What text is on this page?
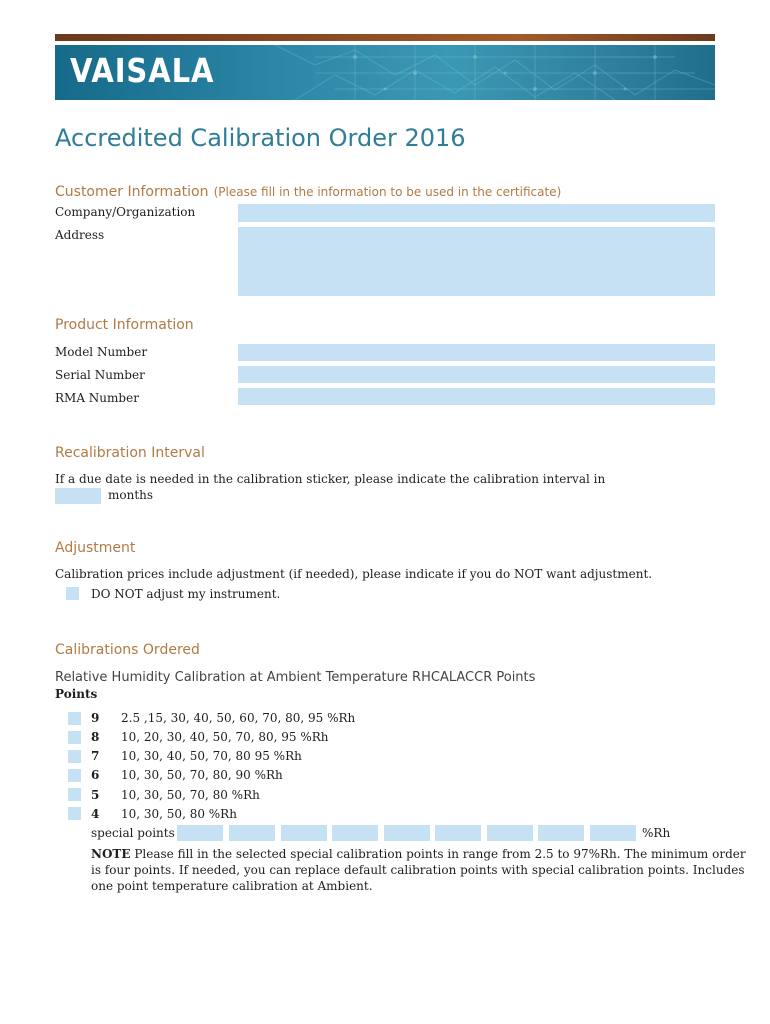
VAISALA
Accredited Calibration Order 2016
Customer Information (Please fill in the information to be used in the certificate)
Company/Organization
Address
Product Information
Model Number
Serial Number
RMA Number
Recalibration Interval
If a due date is needed in the calibration sticker, please indicate the calibration interval in
months
Adjustment
Calibration prices include adjustment (if needed), please indicate if you do NOT want adjustment.
DO NOT adjust my instrument.
Calibrations Ordered
Relative Humidity Calibration at Ambient Temperature RHCALACCR Points
Points
9 2.5 ,15, 30, 40, 50, 60, 70, 80, 95 %Rh
8 10, 20, 30, 40, 50, 70, 80, 95 %Rh
7 10, 30, 40, 50, 70, 80 95 %Rh
6 10, 30, 50, 70, 80, 90 %Rh
5 10, 30, 50, 70, 80 %Rh
4 10, 30, 50, 80 %Rh
special points	%Rh
NOTE Please fill in the selected special calibration points in range from 2.5 to 97%Rh. The minimum order
is four points. If needed, you can replace default calibration points with special calibration points. Includes
one point temperature calibration at Ambient.
